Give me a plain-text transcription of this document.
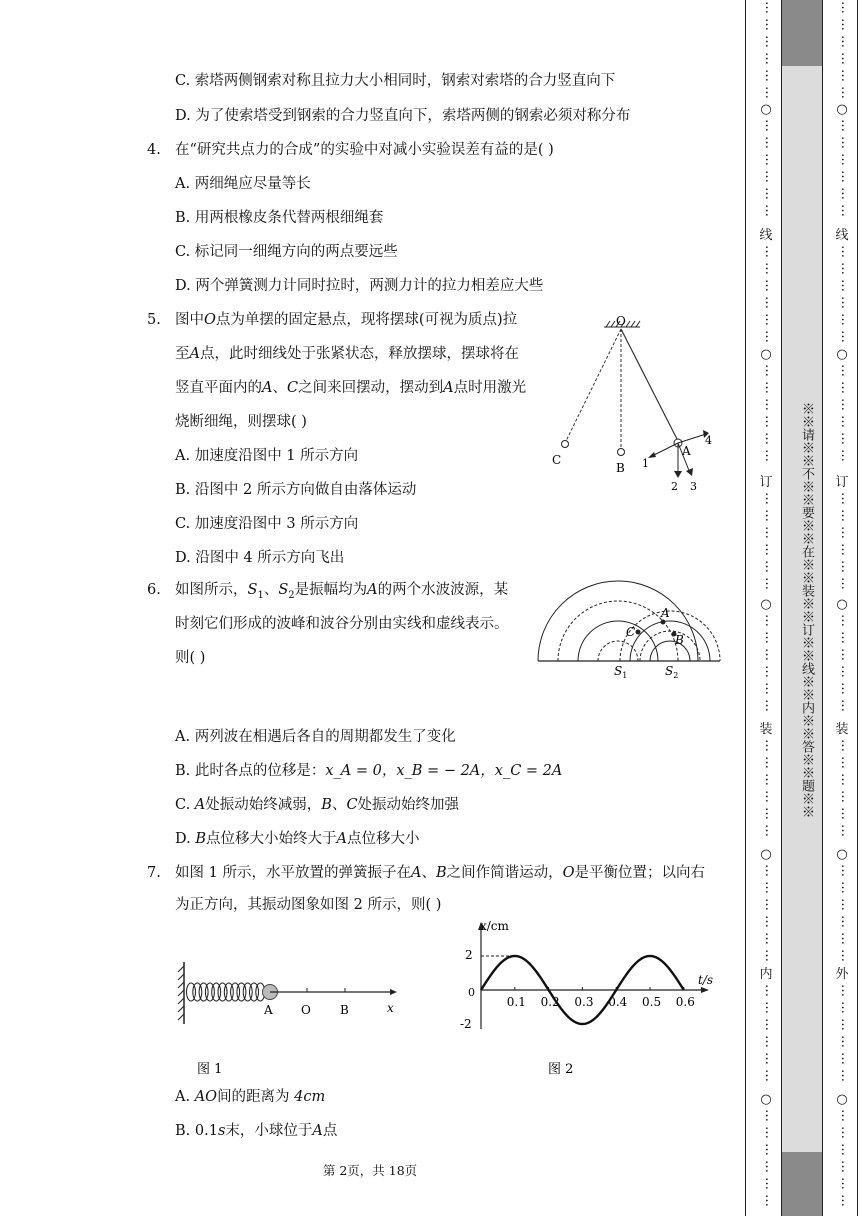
C. 索塔两侧钢索对称且拉力大小相同时，钢索对索塔的合力竖直向下
D. 为了使索塔受到钢索的合力竖直向下，索塔两侧的钢索必须对称分布
4. 在“研究共点力的合成”的实验中对减小实验误差有益的是( )
A. 两细绳应尽量等长
B. 用两根橡皮条代替两根细绳套
C. 标记同一细绳方向的两点要远些
D. 两个弹簧测力计同时拉时，两测力计的拉力相差应大些
5. 图中O点为单摆的固定悬点，现将摆球(可视为质点)拉
至A点，此时细线处于张紧状态，释放摆球，摆球将在
竖直平面内的A、C之间来回摆动，摆动到A点时用激光
烧断细绳，则摆球( )
A. 加速度沿图中 1 所示方向
B. 沿图中 2 所示方向做自由落体运动
C. 加速度沿图中 3 所示方向
D. 沿图中 4 所示方向飞出
O
A
B
C	1
2 3
4
6. 如图所示，$S_1$、$S_2$是振幅均为A的两个水波波源，某
时刻它们形成的波峰和波谷分别由实线和虚线表示。
则( )
A. 两列波在相遇后各自的周期都发生了变化
B. 此时各点的位移是：x_A = 0，x_B = − 2A，x_C = 2A
C. A处振动始终减弱，B、C处振动始终加强
D. B点位移大小始终大于A点位移大小
A
B
C
$S_1$	$S_2$
7. 如图 1 所示，水平放置的弹簧振子在A、B之间作简谐运动，O是平衡位置；以向右
为正方向，其振动图象如图 2 所示，则( )
A O B	x
图 1
x/cm
t/s
0
2
-2
0.1 0.2 0.3 0.4 0.5 0.6
图 2
A. AO间的距离为 4cm
B. 0.1s末，小球位于A点
第 2页，共 18页
…
…
…
…
…
…
○
…
…
…
…
…
…
线
…
…
…
…
…
…
○
…
…
…
…
…
…
订
…
…
…
…
…
…
○
…
…
…
…
…
…
装
…
…
…
…
…
…
○
…
…
…
…
…
…
内
…
…
…
…
…
…
○
…
…
…
…
…
…
…
…
…
…
…
…
○
…
…
…
…
…
…
线
…
…
…
…
…
…
○
…
…
…
…
…
…
订
…
…
…
…
…
…
○
…
…
…
…
…
…
装
…
…
…
…
…
…
○
…
…
…
…
…
…
外
…
…
…
…
…
…
○
…
…
…
…
…
…
※※请※※不※※要※※在※※装※※订※※线※※内※※答※※题※※
